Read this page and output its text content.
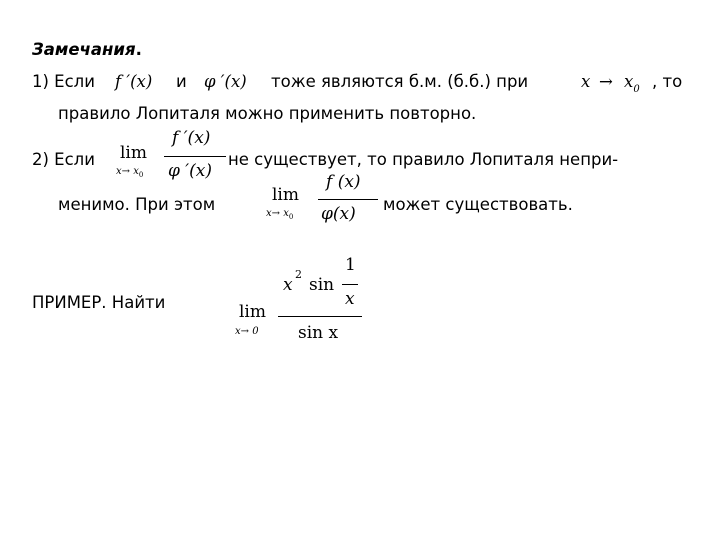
Замечания.
1) Если f ′(x) и φ ′(x) тоже являются б.м. (б.б.) при	$x \to x_0$ , то
правило Лопиталя можно применить повторно.
2) Если lim
$x\to x_0$
f ′(x)
φ ′(x)
не существует, то правило Лопиталя непри-
менимо. При этом	lim
$x\to x_0$
f (x)
φ(x) может существовать.
ПРИМЕР. Найти	lim
x→ 0
x
2
sin
1
x
sin x
